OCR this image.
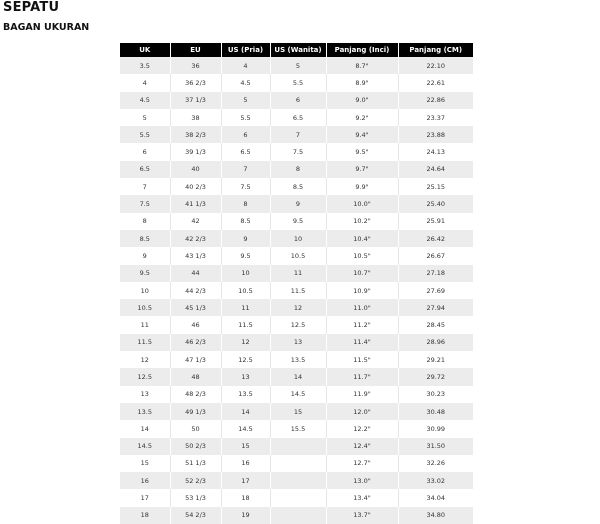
SEPATU
BAGAN UKURAN
UK	EU	US (Pria)	US (Wanita)	Panjang (Inci)	Panjang (CM)
3.5	36	4	5	8.7"	22.10
4	36 2/3	4.5	5.5	8.9"	22.61
4.5	37 1/3	5	6	9.0"	22.86
5	38	5.5	6.5	9.2"	23.37
5.5	38 2/3	6	7	9.4"	23.88
6	39 1/3	6.5	7.5	9.5"	24.13
6.5	40	7	8	9.7"	24.64
7	40 2/3	7.5	8.5	9.9"	25.15
7.5	41 1/3	8	9	10.0"	25.40
8	42	8.5	9.5	10.2"	25.91
8.5	42 2/3	9	10	10.4"	26.42
9	43 1/3	9.5	10.5	10.5"	26.67
9.5	44	10	11	10.7"	27.18
10	44 2/3	10.5	11.5	10.9"	27.69
10.5	45 1/3	11	12	11.0"	27.94
11	46	11.5	12.5	11.2"	28.45
11.5	46 2/3	12	13	11.4"	28.96
12	47 1/3	12.5	13.5	11.5"	29.21
12.5	48	13	14	11.7"	29.72
13	48 2/3	13.5	14.5	11.9"	30.23
13.5	49 1/3	14	15	12.0"	30.48
14	50	14.5	15.5	12.2"	30.99
14.5	50 2/3	15		12.4"	31.50
15	51 1/3	16		12.7"	32.26
16	52 2/3	17		13.0"	33.02
17	53 1/3	18		13.4"	34.04
18	54 2/3	19		13.7"	34.80
